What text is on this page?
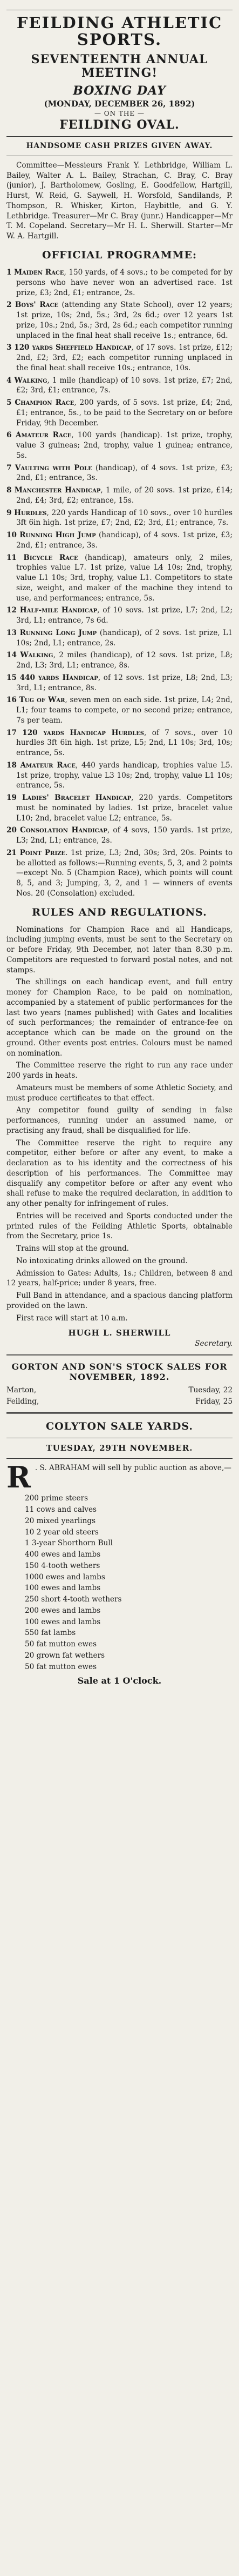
FEILDING ATHLETIC SPORTS.
SEVENTEENTH ANNUAL MEETING!
BOXING DAY
(MONDAY, DECEMBER 26, 1892)
— ON THE —
FEILDING OVAL.
HANDSOME CASH PRIZES GIVEN AWAY.

Committee—Messieurs Frank Y. Lethbridge, William L. Bailey, Walter A. L. Bailey, Strachan, C. Bray, C. Bray (junior), J. Bartholomew, Gosling, E. Goodfellow, Hartgill, Hurst, W. Reid, G. Saywell, H. Worsfold, Sandilands, P. Thompson, R. Whisker, Kirton, Haybittle, and G. Y. Lethbridge. Treasurer—Mr C. Bray (junr.) Handicapper—Mr T. M. Copeland. Secretary—Mr H. L. Sherwill. Starter—Mr W. A. Hartgill.

OFFICIAL PROGRAMME:

1 Maiden Race, 150 yards, of 4 sovs.; to be competed for by persons who have never won an advertised race. 1st prize, £3; 2nd, £1; entrance, 2s.

2 Boys' Race (attending any State School), over 12 years; 1st prize, 10s; 2nd, 5s.; 3rd, 2s 6d.; over 12 years 1st prize, 10s.; 2nd, 5s.; 3rd, 2s 6d.; each competitor running unplaced in the final heat shall receive 1s.; entrance, 6d.

3 120 yards Sheffield Handicap, of 17 sovs. 1st prize, £12; 2nd, £2; 3rd, £2; each competitor running unplaced in the final heat shall receive 10s.; entrance, 10s.

4 Walking, 1 mile (handicap) of 10 sovs. 1st prize, £7; 2nd, £2; 3rd, £1; entrance, 7s.

5 Champion Race, 200 yards, of 5 sovs. 1st prize, £4; 2nd, £1; entrance, 5s., to be paid to the Secretary on or before Friday, 9th December.

6 Amateur Race, 100 yards (handicap). 1st prize, trophy, value 3 guineas; 2nd, trophy, value 1 guinea; entrance, 5s.

7 Vaulting with Pole (handicap), of 4 sovs. 1st prize, £3; 2nd, £1; entrance, 3s.

8 Manchester Handicap, 1 mile, of 20 sovs. 1st prize, £14; 2nd, £4; 3rd, £2; entrance, 15s.

9 Hurdles, 220 yards Handicap of 10 sovs., over 10 hurdles 3ft 6in high. 1st prize, £7; 2nd, £2; 3rd, £1; entrance, 7s.

10 Running High Jump (handicap), of 4 sovs. 1st prize, £3; 2nd, £1; entrance, 3s.

11 Bicycle Race (handicap), amateurs only, 2 miles, trophies value L7. 1st prize, value L4 10s; 2nd, trophy, value L1 10s; 3rd, trophy, value L1. Competitors to state size, weight, and maker of the machine they intend to use, and performances; entrance, 5s.

12 Half-mile Handicap, of 10 sovs. 1st prize, L7; 2nd, L2; 3rd, L1; entrance, 7s 6d.

13 Running Long Jump (handicap), of 2 sovs. 1st prize, L1 10s; 2nd, L1; entrance, 2s.

14 Walking, 2 miles (handicap), of 12 sovs. 1st prize, L8; 2nd, L3; 3rd, L1; entrance, 8s.

15 440 yards Handicap, of 12 sovs. 1st prize, L8; 2nd, L3; 3rd, L1; entrance, 8s.

16 Tug of War, seven men on each side. 1st prize, L4; 2nd, L1; four teams to compete, or no second prize; entrance, 7s per team.

17 120 yards Handicap Hurdles, of 7 sovs., over 10 hurdles 3ft 6in high. 1st prize, L5; 2nd, L1 10s; 3rd, 10s; entrance, 5s.

18 Amateur Race, 440 yards handicap, trophies value L5. 1st prize, trophy, value L3 10s; 2nd, trophy, value L1 10s; entrance, 5s.

19 Ladies' Bracelet Handicap, 220 yards. Competitors must be nominated by ladies. 1st prize, bracelet value L10; 2nd, bracelet value L2; entrance, 5s.

20 Consolation Handicap, of 4 sovs, 150 yards. 1st prize, L3; 2nd, L1; entrance, 2s.

21 Point Prize. 1st prize, L3; 2nd, 30s; 3rd, 20s. Points to be allotted as follows:—Running events, 5, 3, and 2 points—except No. 5 (Champion Race), which points will count 8, 5, and 3; Jumping, 3, 2, and 1 — winners of events Nos. 20 (Consolation) excluded.

RULES AND REGULATIONS.

Nominations for Champion Race and all Handicaps, including jumping events, must be sent to the Secretary on or before Friday, 9th December, not later than 8.30 p.m. Competitors are requested to forward postal notes, and not stamps.

The shillings on each handicap event, and full entry money for Champion Race, to be paid on nomination, accompanied by a statement of public performances for the last two years (names published) with Gates and localities of such performances; the remainder of entrance-fee on acceptance which can be made on the ground on the ground. Other events post entries. Colours must be named on nomination.

The Committee reserve the right to run any race under 200 yards in heats.

Amateurs must be members of some Athletic Society, and must produce certificates to that effect.

Any competitor found guilty of sending in false performances, running under an assumed name, or practising any fraud, shall be disqualified for life.

The Committee reserve the right to require any competitor, either before or after any event, to make a declaration as to his identity and the correctness of his description of his performances. The Committee may disqualify any competitor before or after any event who shall refuse to make the required declaration, in addition to any other penalty for infringement of rules.

Entries will be received and Sports conducted under the printed rules of the Feilding Athletic Sports, obtainable from the Secretary, price 1s.

Trains will stop at the ground.

No intoxicating drinks allowed on the ground.

Admission to Gates: Adults, 1s.; Children, between 8 and 12 years, half-price; under 8 years, free.

Full Band in attendance, and a spacious dancing platform provided on the lawn.

First race will start at 10 a.m.

HUGH L. SHERWILL
Secretary.
GORTON AND SON'S STOCK SALES FOR NOVEMBER, 1892.
Marton,	Tuesday, 22
Feilding,	Friday, 25
COLYTON SALE YARDS.
TUESDAY, 29TH NOVEMBER.
R . S. ABRAHAM will sell by public auction as above,—
200 prime steers
11 cows and calves
20 mixed yearlings
10 2 year old steers
1 3-year Shorthorn Bull
400 ewes and lambs
150 4-tooth wethers
1000 ewes and lambs
100 ewes and lambs
250 short 4-tooth wethers
200 ewes and lambs
100 ewes and lambs
550 fat lambs
50 fat mutton ewes
20 grown fat wethers
50 fat mutton ewes
Sale at 1 O'clock.
